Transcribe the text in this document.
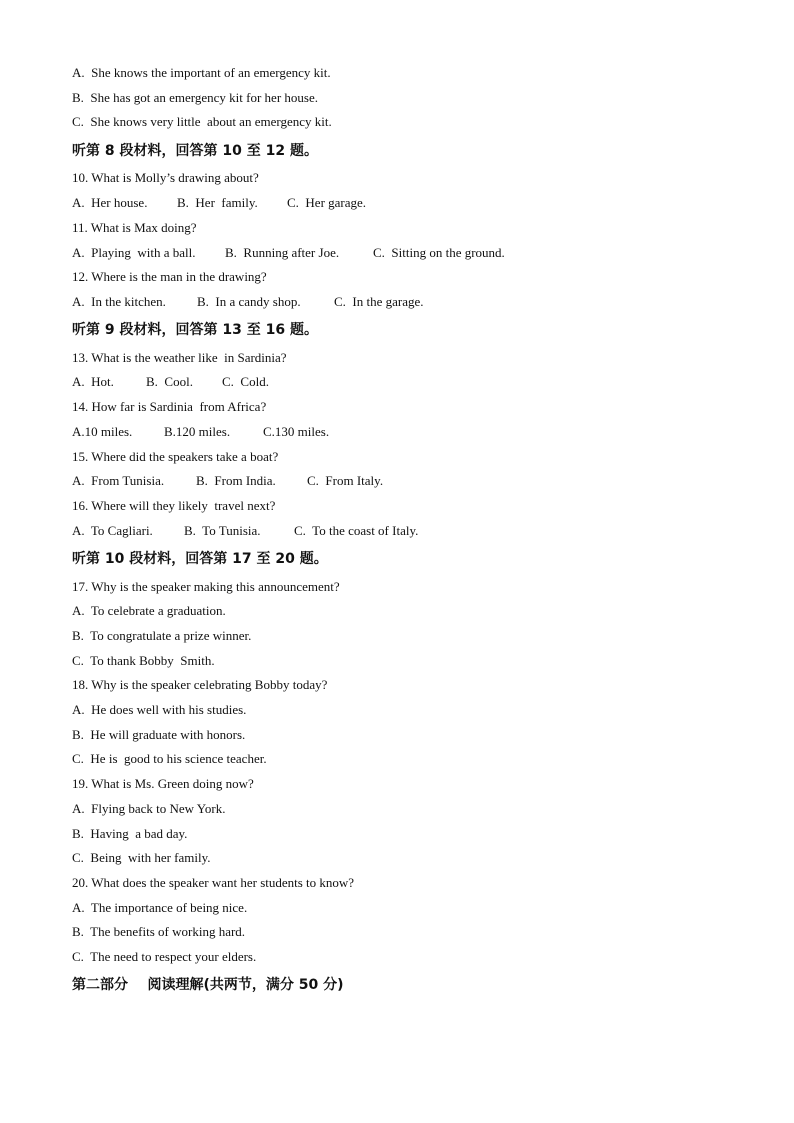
A.  She knows the important of an emergency kit.
B.  She has got an emergency kit for her house.
C.  She knows very little  about an emergency kit.
听第 8 段材料，回答第 10 至 12 题。
10. What is Molly’s drawing about?

A.  Her house.

B.  Her  family.

C.  Her garage.

11. What is Max doing?

A.  Playing  with a ball.

B.  Running after Joe.

	C.  Sitting on the ground.

12. Where is the man in the drawing?

A.  In the kitchen.

B.  In a candy shop.

	C.  In the garage.

听第 9 段材料，回答第 13 至 16 题。
13. What is the weather like  in Sardinia?

A.  Hot.

B.  Cool.

C.  Cold.

14. How far is Sardinia  from Africa?

A.10 miles.

B.120 miles.

	C.130 miles.

15. Where did the speakers take a boat?

A.  From Tunisia.

B.  From India.

C.  From Italy.

16. Where will they likely  travel next?

A.  To Cagliari.

B.  To Tunisia.

	C.  To the coast of Italy.

听第 10 段材料，回答第 17 至 20 题。
17. Why is the speaker making this announcement?
A.  To celebrate a graduation.
B.  To congratulate a prize winner.
C.  To thank Bobby  Smith.
18. Why is the speaker celebrating Bobby today?
A.  He does well with his studies.
B.  He will graduate with honors.
C.  He is  good to his science teacher.
19. What is Ms. Green doing now?
A.  Flying back to New York.
B.  Having  a bad day.
C.  Being  with her family.
20. What does the speaker want her students to know?
A.  The importance of being nice.
B.  The benefits of working hard.
C.  The need to respect your elders.
第二部分    阅读理解(共两节，满分 50 分)
